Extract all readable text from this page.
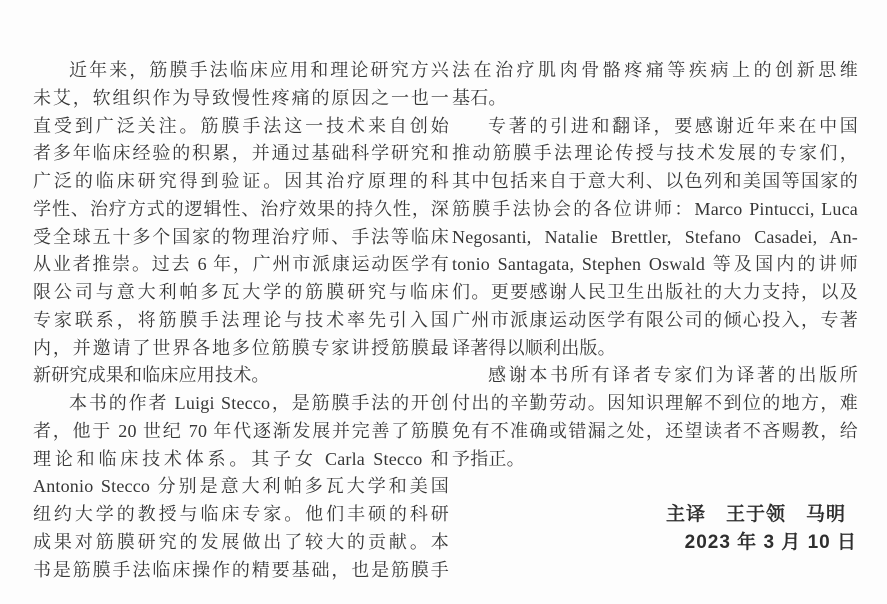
近年来，筋膜手法临床应用和理论研究方兴
未艾，软组织作为导致慢性疼痛的原因之一也一
直受到广泛关注。筋膜手法这一技术来自创始
者多年临床经验的积累，并通过基础科学研究和
广泛的临床研究得到验证。因其治疗原理的科
学性、治疗方式的逻辑性、治疗效果的持久性，深
受全球五十多个国家的物理治疗师、手法等临床
从业者推崇。过去 6 年，广州市派康运动医学有
限公司与意大利帕多瓦大学的筋膜研究与临床
专家联系，将筋膜手法理论与技术率先引入国
内，并邀请了世界各地多位筋膜专家讲授筋膜最
新研究成果和临床应用技术。
本书的作者 Luigi Stecco，是筋膜手法的开创
者，他于 20 世纪 70 年代逐渐发展并完善了筋膜
理论和临床技术体系。其子女 Carla Stecco 和
Antonio Stecco 分别是意大利帕多瓦大学和美国
纽约大学的教授与临床专家。他们丰硕的科研
成果对筋膜研究的发展做出了较大的贡献。本
书是筋膜手法临床操作的精要基础，也是筋膜手
法在治疗肌肉骨骼疼痛等疾病上的创新思维
基石。
专著的引进和翻译，要感谢近年来在中国
推动筋膜手法理论传授与技术发展的专家们，
其中包括来自于意大利、以色列和美国等国家的
筋膜手法协会的各位讲师：Marco Pintucci, Luca
Negosanti, Natalie Brettler, Stefano Casadei, An-
tonio Santagata, Stephen Oswald 等及国内的讲师
们。更要感谢人民卫生出版社的大力支持，以及
广州市派康运动医学有限公司的倾心投入，专著
译著得以顺利出版。
感谢本书所有译者专家们为译著的出版所
付出的辛勤劳动。因知识理解不到位的地方，难
免有不准确或错漏之处，还望读者不吝赐教，给
予指正。
主译　王于领　马明
2023 年 3 月 10 日
